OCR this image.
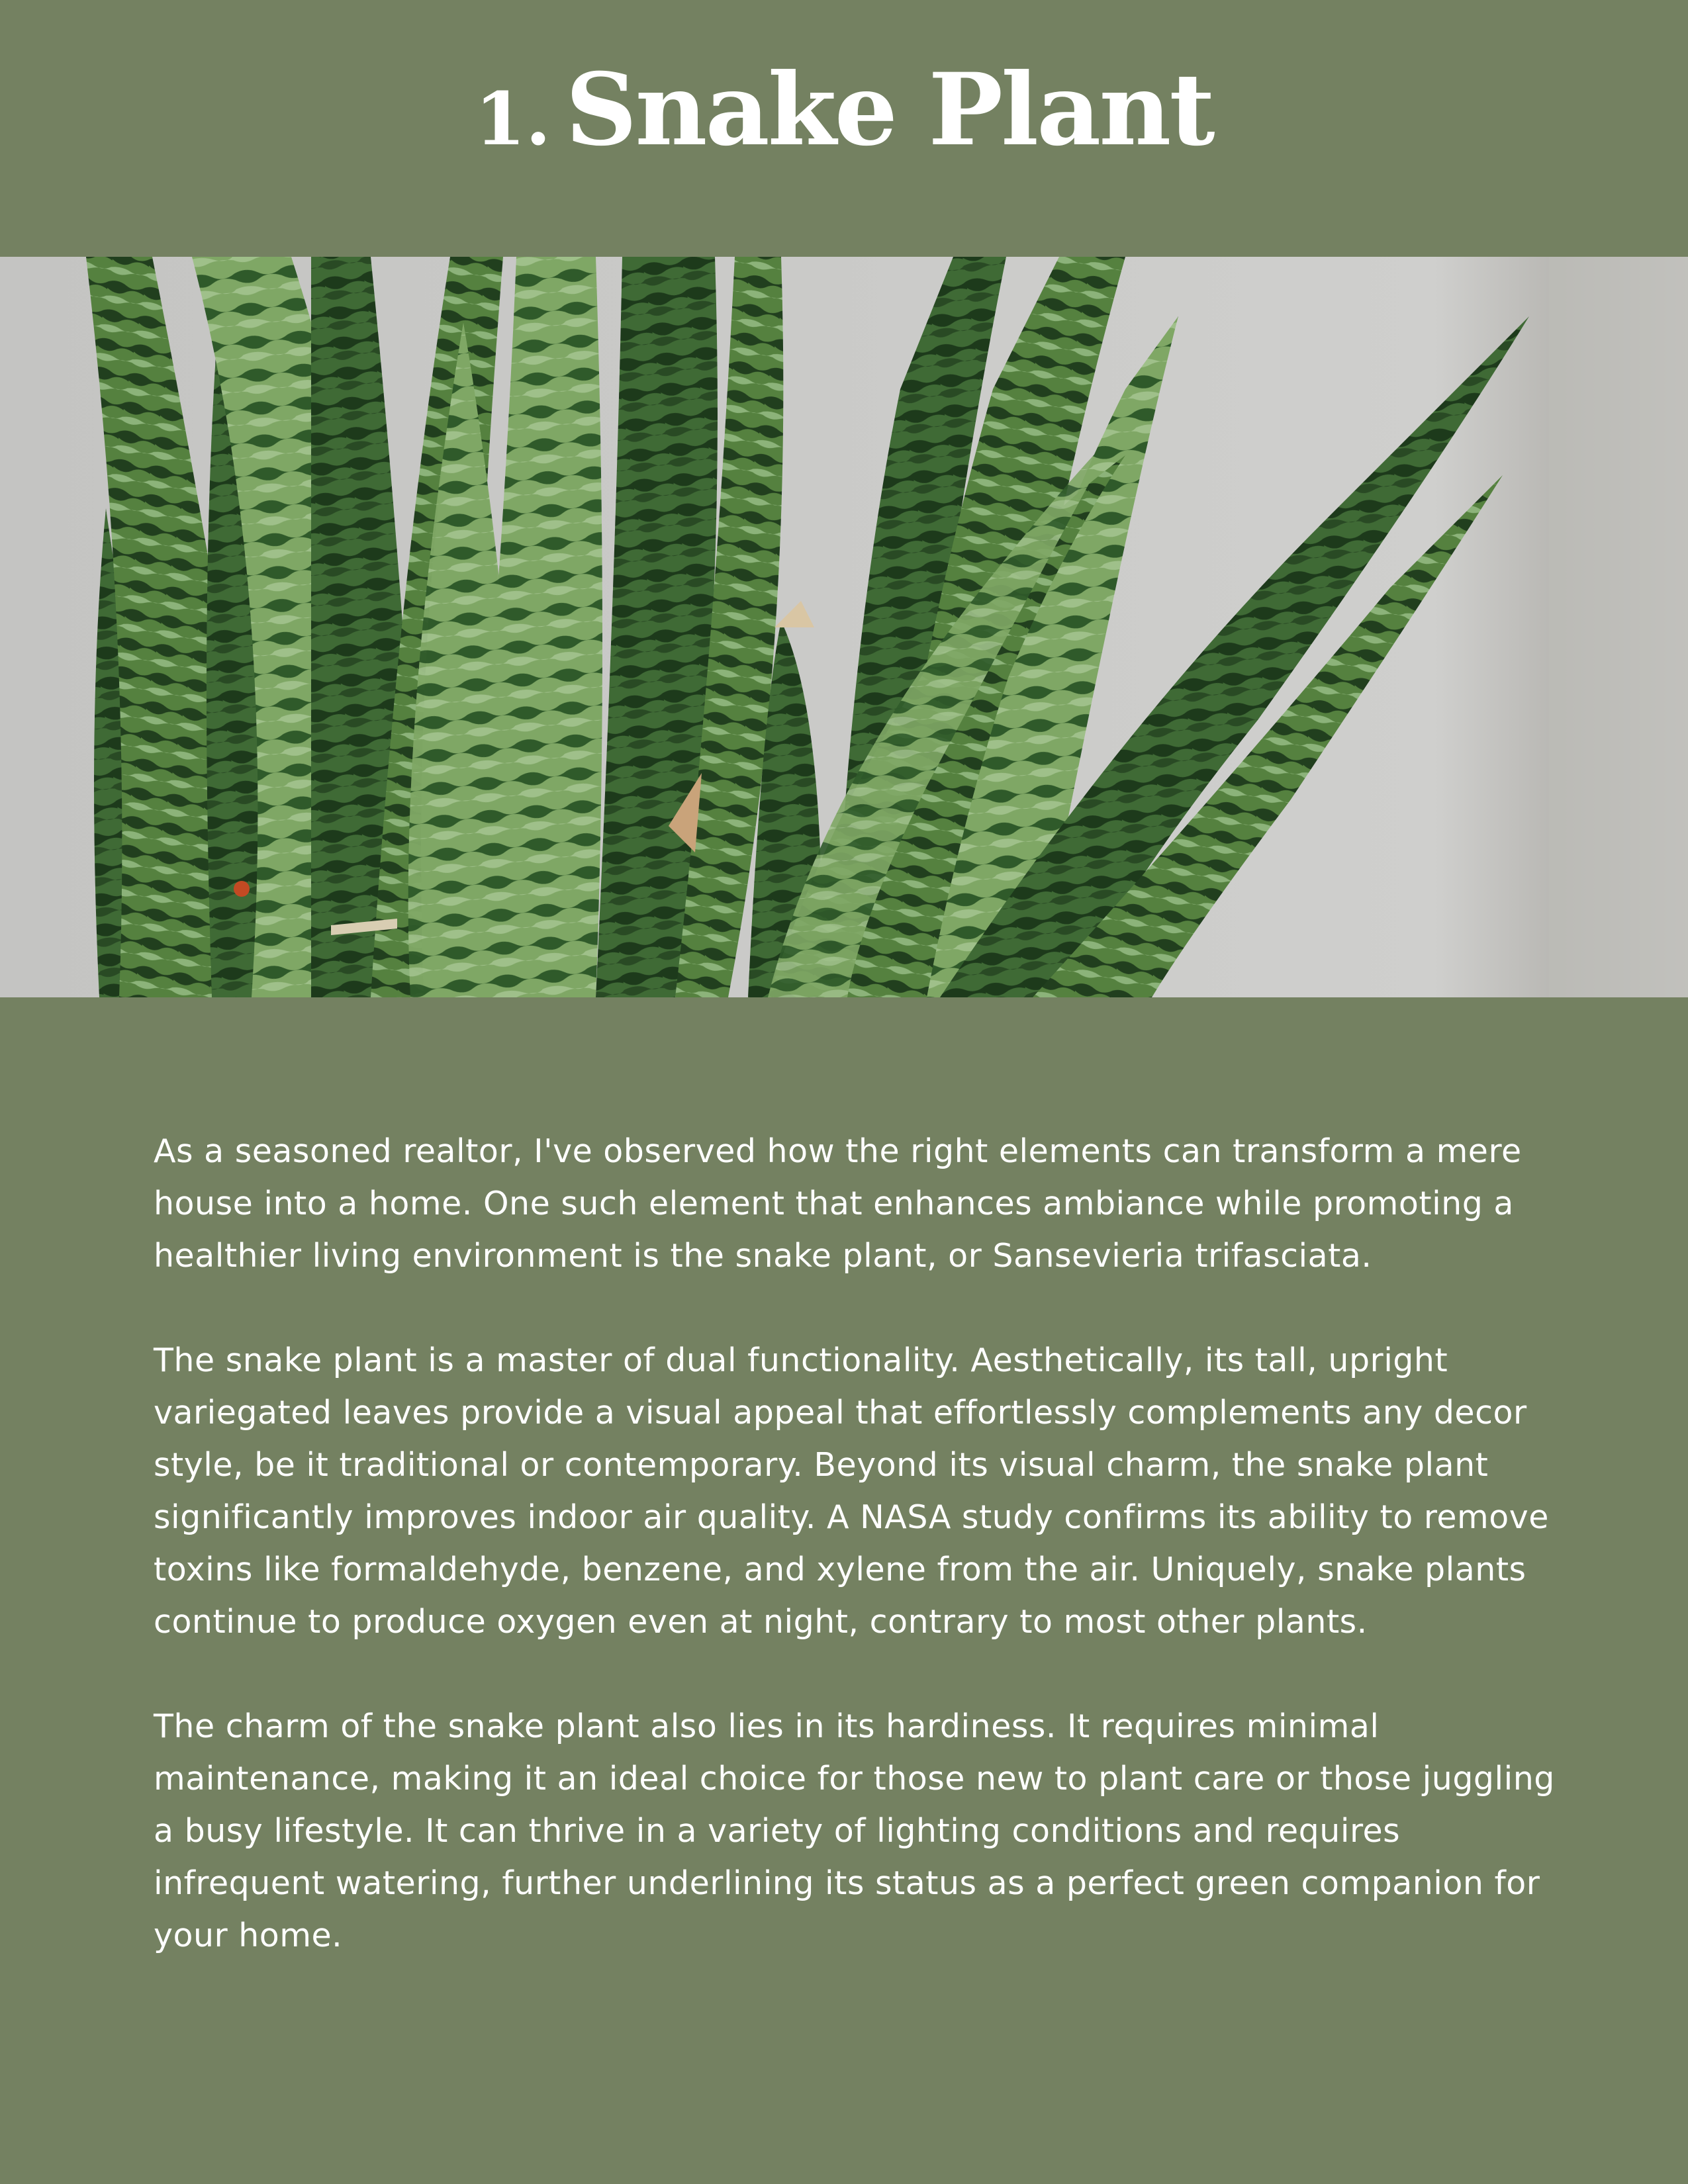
1. Snake Plant

As a seasoned realtor, I've observed how the right elements can transform a mere house into a home. One such element that enhances ambiance while promoting a healthier living environment is the snake plant, or Sansevieria trifasciata.

The snake plant is a master of dual functionality. Aesthetically, its tall, upright variegated leaves provide a visual appeal that effortlessly complements any decor style, be it traditional or contemporary. Beyond its visual charm, the snake plant significantly improves indoor air quality. A NASA study confirms its ability to remove toxins like formaldehyde, benzene, and xylene from the air. Uniquely, snake plants continue to produce oxygen even at night, contrary to most other plants.

The charm of the snake plant also lies in its hardiness. It requires minimal maintenance, making it an ideal choice for those new to plant care or those juggling a busy lifestyle. It can thrive in a variety of lighting conditions and requires infrequent watering, further underlining its status as a perfect green companion for your home.
